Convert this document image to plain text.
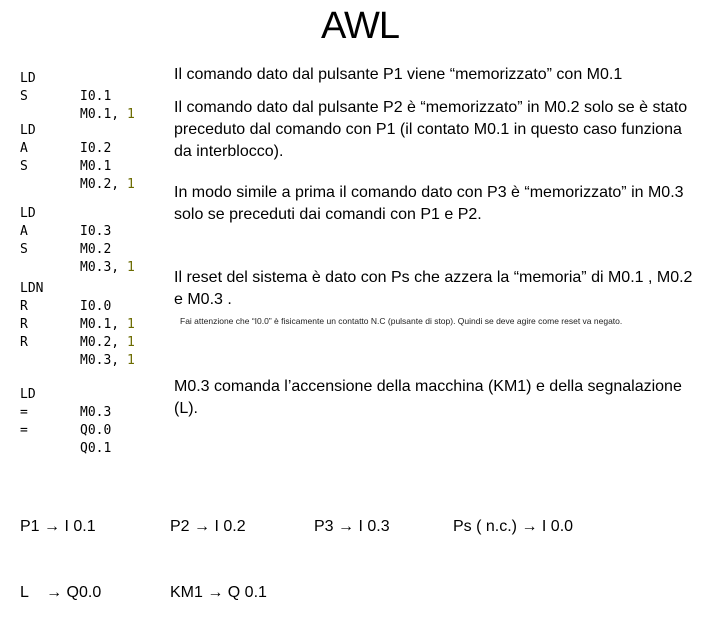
AWL

LD

I0.1

S

M0.1, 1

Il comando dato dal pulsante P1 viene “memorizzato” con M0.1

LD

I0.2

A

M0.1

S

M0.2, 1

Il comando dato dal pulsante P2 è “memorizzato” in M0.2 solo se è stato preceduto dal comando con P1 (il contato M0.1 in questo caso funziona da interblocco).

LD

I0.3

A

M0.2

S

M0.3, 1

In modo simile a prima il comando dato con P3 è “memorizzato” in M0.3 solo se preceduti dai comandi con P1 e P2.

LDN

I0.0

R

M0.1, 1

R

M0.2, 1

R

M0.3, 1

Il reset del sistema è dato con Ps che azzera la “memoria” di M0.1 , M0.2 e M0.3 .
Fai attenzione che “I0.0” è fisicamente un contatto N.C (pulsante di stop). Quindi se deve agire come reset va negato.

LD

M0.3

=

Q0.0

=

Q0.1

M0.3 comanda l’accensione della macchina (KM1) e della segnalazione (L).

P1 → I 0.1

L    → Q0.0

P2 → I 0.2

KM1 → Q 0.1

P3 → I 0.3

	Ps ( n.c.) → I 0.0
